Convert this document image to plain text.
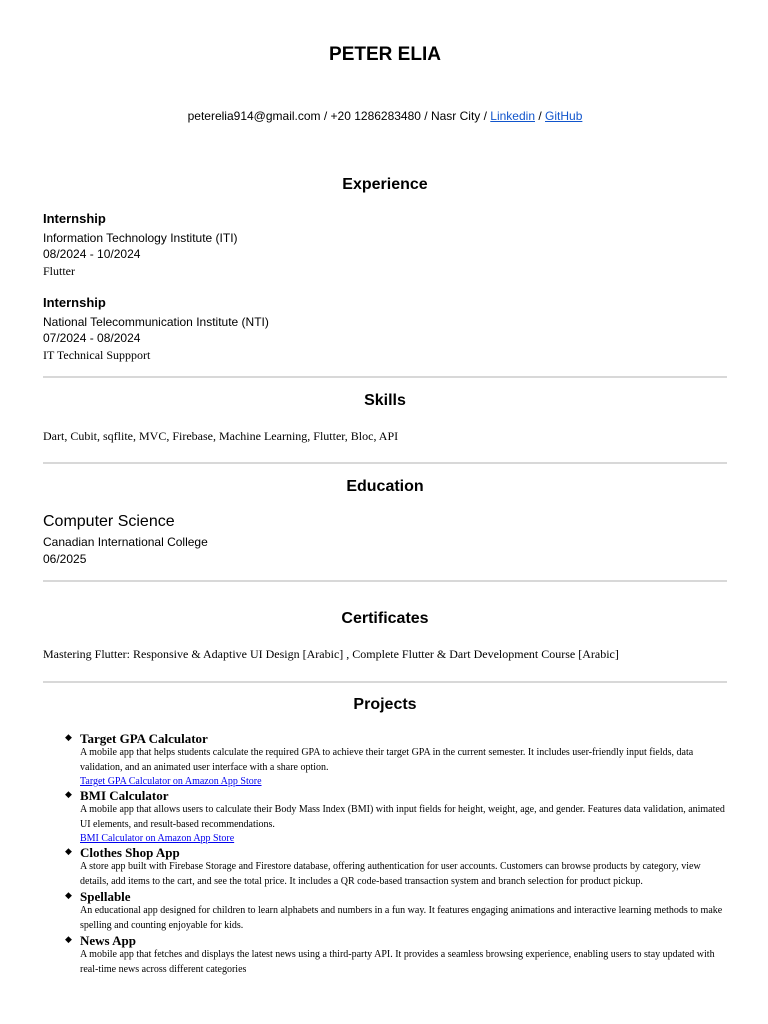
PETER ELIA
peterelia914@gmail.com / +20 1286283480 / Nasr City / Linkedin / GitHub
Experience
Internship
Information Technology Institute (ITI)
08/2024 - 10/2024
Flutter
Internship
National Telecommunication Institute (NTI)
07/2024 - 08/2024
IT Technical Suppport
Skills
Dart, Cubit, sqflite, MVC, Firebase, Machine Learning, Flutter, Bloc, API
Education
Computer Science
Canadian International College
06/2025
Certificates
Mastering Flutter: Responsive & Adaptive UI Design [Arabic] , Complete Flutter & Dart Development Course [Arabic]
Projects
◆ Target GPA Calculator
A mobile app that helps students calculate the required GPA to achieve their target GPA in the current semester. It includes user-friendly input fields, data validation, and an animated user interface with a share option.
Target GPA Calculator on Amazon App Store
◆ BMI Calculator
A mobile app that allows users to calculate their Body Mass Index (BMI) with input fields for height, weight, age, and gender. Features data validation, animated UI elements, and result-based recommendations.
BMI Calculator on Amazon App Store
◆ Clothes Shop App
A store app built with Firebase Storage and Firestore database, offering authentication for user accounts. Customers can browse products by category, view details, add items to the cart, and see the total price. It includes a QR code-based transaction system and branch selection for product pickup.
◆ Spellable
An educational app designed for children to learn alphabets and numbers in a fun way. It features engaging animations and interactive learning methods to make spelling and counting enjoyable for kids.
◆ News App
A mobile app that fetches and displays the latest news using a third-party API. It provides a seamless browsing experience, enabling users to stay updated with real-time news across different categories
